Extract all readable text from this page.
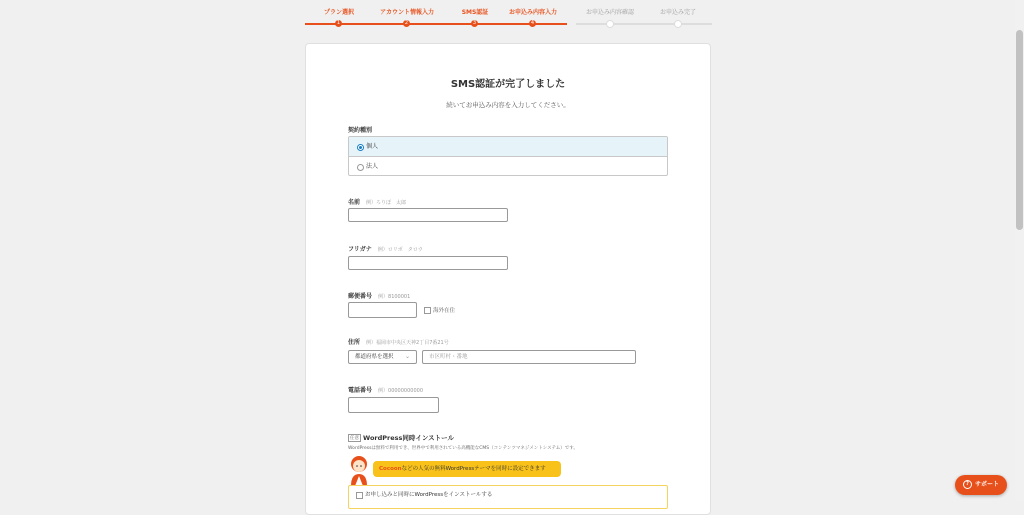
プラン選択
1
アカウント情報入力
2
SMS認証
3
お申込み内容入力
4
お申込み内容確認	お申込み完了
SMS認証が完了しました
続いてお申込み内容を入力してください。
契約種別
個人
法人
名前 例）ろりぽ　太郎
フリガナ 例）ロリポ　タロウ
郵便番号 例）8100001
海外在住
住所 例）福岡市中央区天神2丁目7番21号
都道府県を選択 ⌄	市区町村・番地
電話番号 例）00000000000
任意 WordPress同時インストール
WordPressは無料で利用でき、世界中で利用されている高機能なCMS（コンテンツマネジメントシステム）です。
Cocoonなどの人気の無料WordPressテーマを同時に設定できます
お申し込みと同時にWordPressをインストールする
? サポート
